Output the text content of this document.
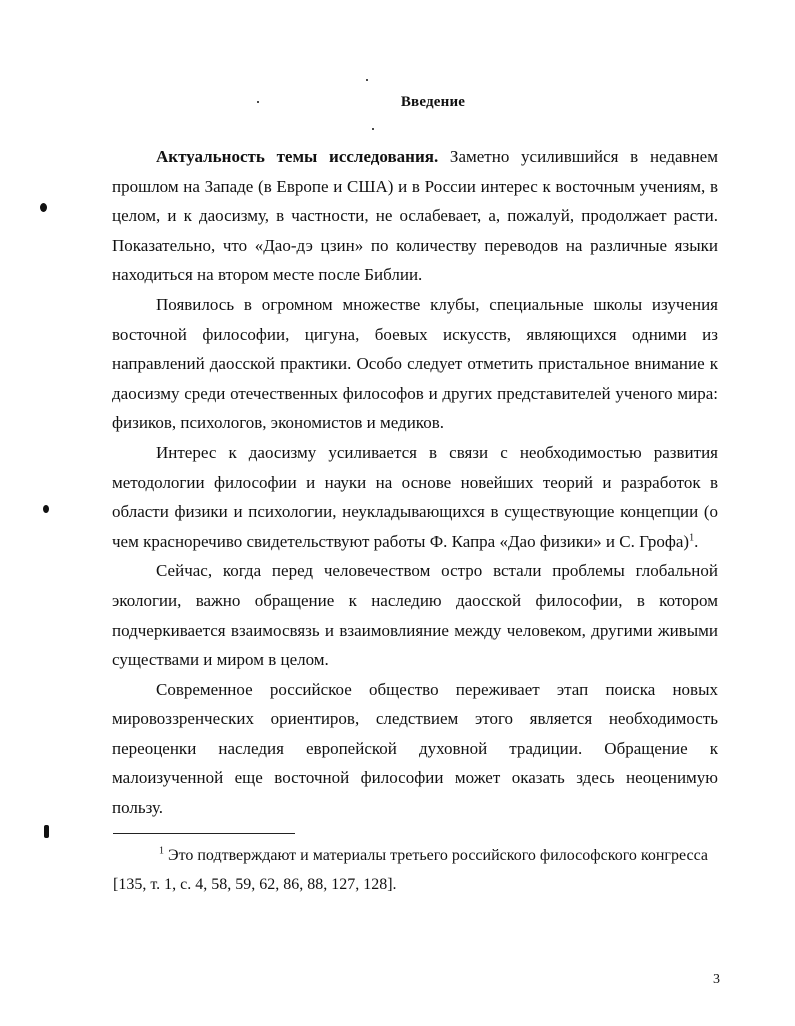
Введение

Актуальность темы исследования. Заметно усилившийся в недавнем прошлом на Западе (в Европе и США) и в России интерес к восточным учениям, в целом, и к даосизму, в частности, не ослабевает, а, пожалуй, продолжает расти. Показательно, что «Дао-дэ цзин» по количеству переводов на различные языки находиться на втором месте после Библии.

Появилось в огромном множестве клубы, специальные школы изучения восточной философии, цигуна, боевых искусств, являющихся одними из направлений даосской практики. Особо следует отметить пристальное внимание к даосизму среди отечественных философов и других представителей ученого мира: физиков, психологов, экономистов и медиков.

Интерес к даосизму усиливается в связи с необходимостью развития методологии философии и науки на основе новейших теорий и разработок в области физики и психологии, неукладывающихся в существующие концепции (о чем красноречиво свидетельствуют работы Ф. Капра «Дао физики» и С. Грофа)$^1$.

Сейчас, когда перед человечеством остро встали проблемы глобальной экологии, важно обращение к наследию даосской философии, в котором подчеркивается взаимосвязь и взаимовлияние между человеком, другими живыми существами и миром в целом.

Современное российское общество переживает этап поиска новых мировоззренческих ориентиров, следствием этого является необходимость переоценки наследия европейской духовной традиции. Обращение к малоизученной еще восточной философии может оказать здесь неоценимую пользу.

$^1$ Это подтверждают и материалы третьего российского философского конгресса [135, т. 1, с. 4, 58, 59, 62, 86, 88, 127, 128].

3
